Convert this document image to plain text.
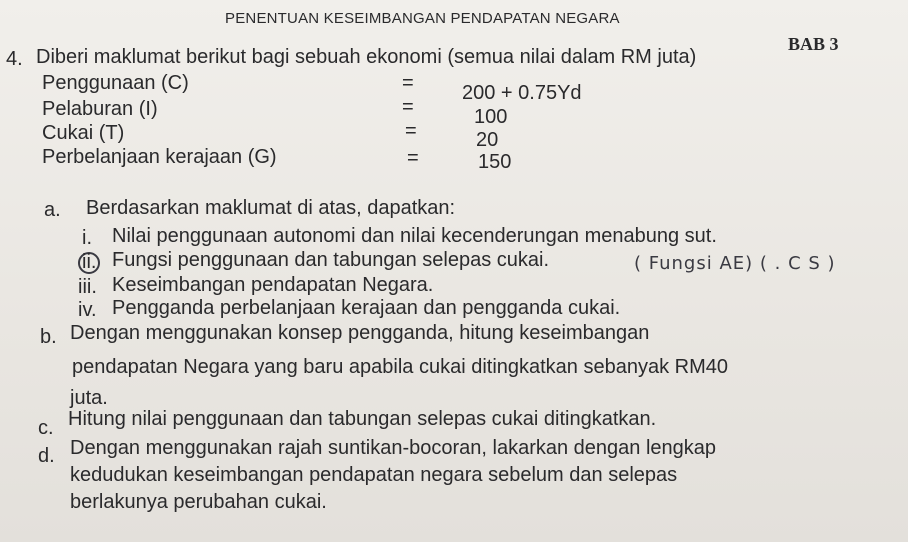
PENENTUAN KESEIMBANGAN PENDAPATAN NEGARA
BAB 3
4. Diberi maklumat berikut bagi sebuah ekonomi (semua nilai dalam RM juta)
Penggunaan (C)	= 200 + 0.75Yd
Pelaburan (I)	=	100
Cukai (T)	=	20
Perbelanjaan kerajaan (G)	=	150
a. Berdasarkan maklumat di atas, dapatkan:
i. Nilai penggunaan autonomi dan nilai kecenderungan menabung sut.
ii. Fungsi penggunaan dan tabungan selepas cukai.	( Fungsi AE) ( . C S )
iii. Keseimbangan pendapatan Negara.
iv. Pengganda perbelanjaan kerajaan dan pengganda cukai.
b. Dengan menggunakan konsep pengganda, hitung keseimbangan
pendapatan Negara yang baru apabila cukai ditingkatkan sebanyak RM40
juta.
c. Hitung nilai penggunaan dan tabungan selepas cukai ditingkatkan.
d. Dengan menggunakan rajah suntikan-bocoran, lakarkan dengan lengkap
kedudukan keseimbangan pendapatan negara sebelum dan selepas
berlakunya perubahan cukai.
